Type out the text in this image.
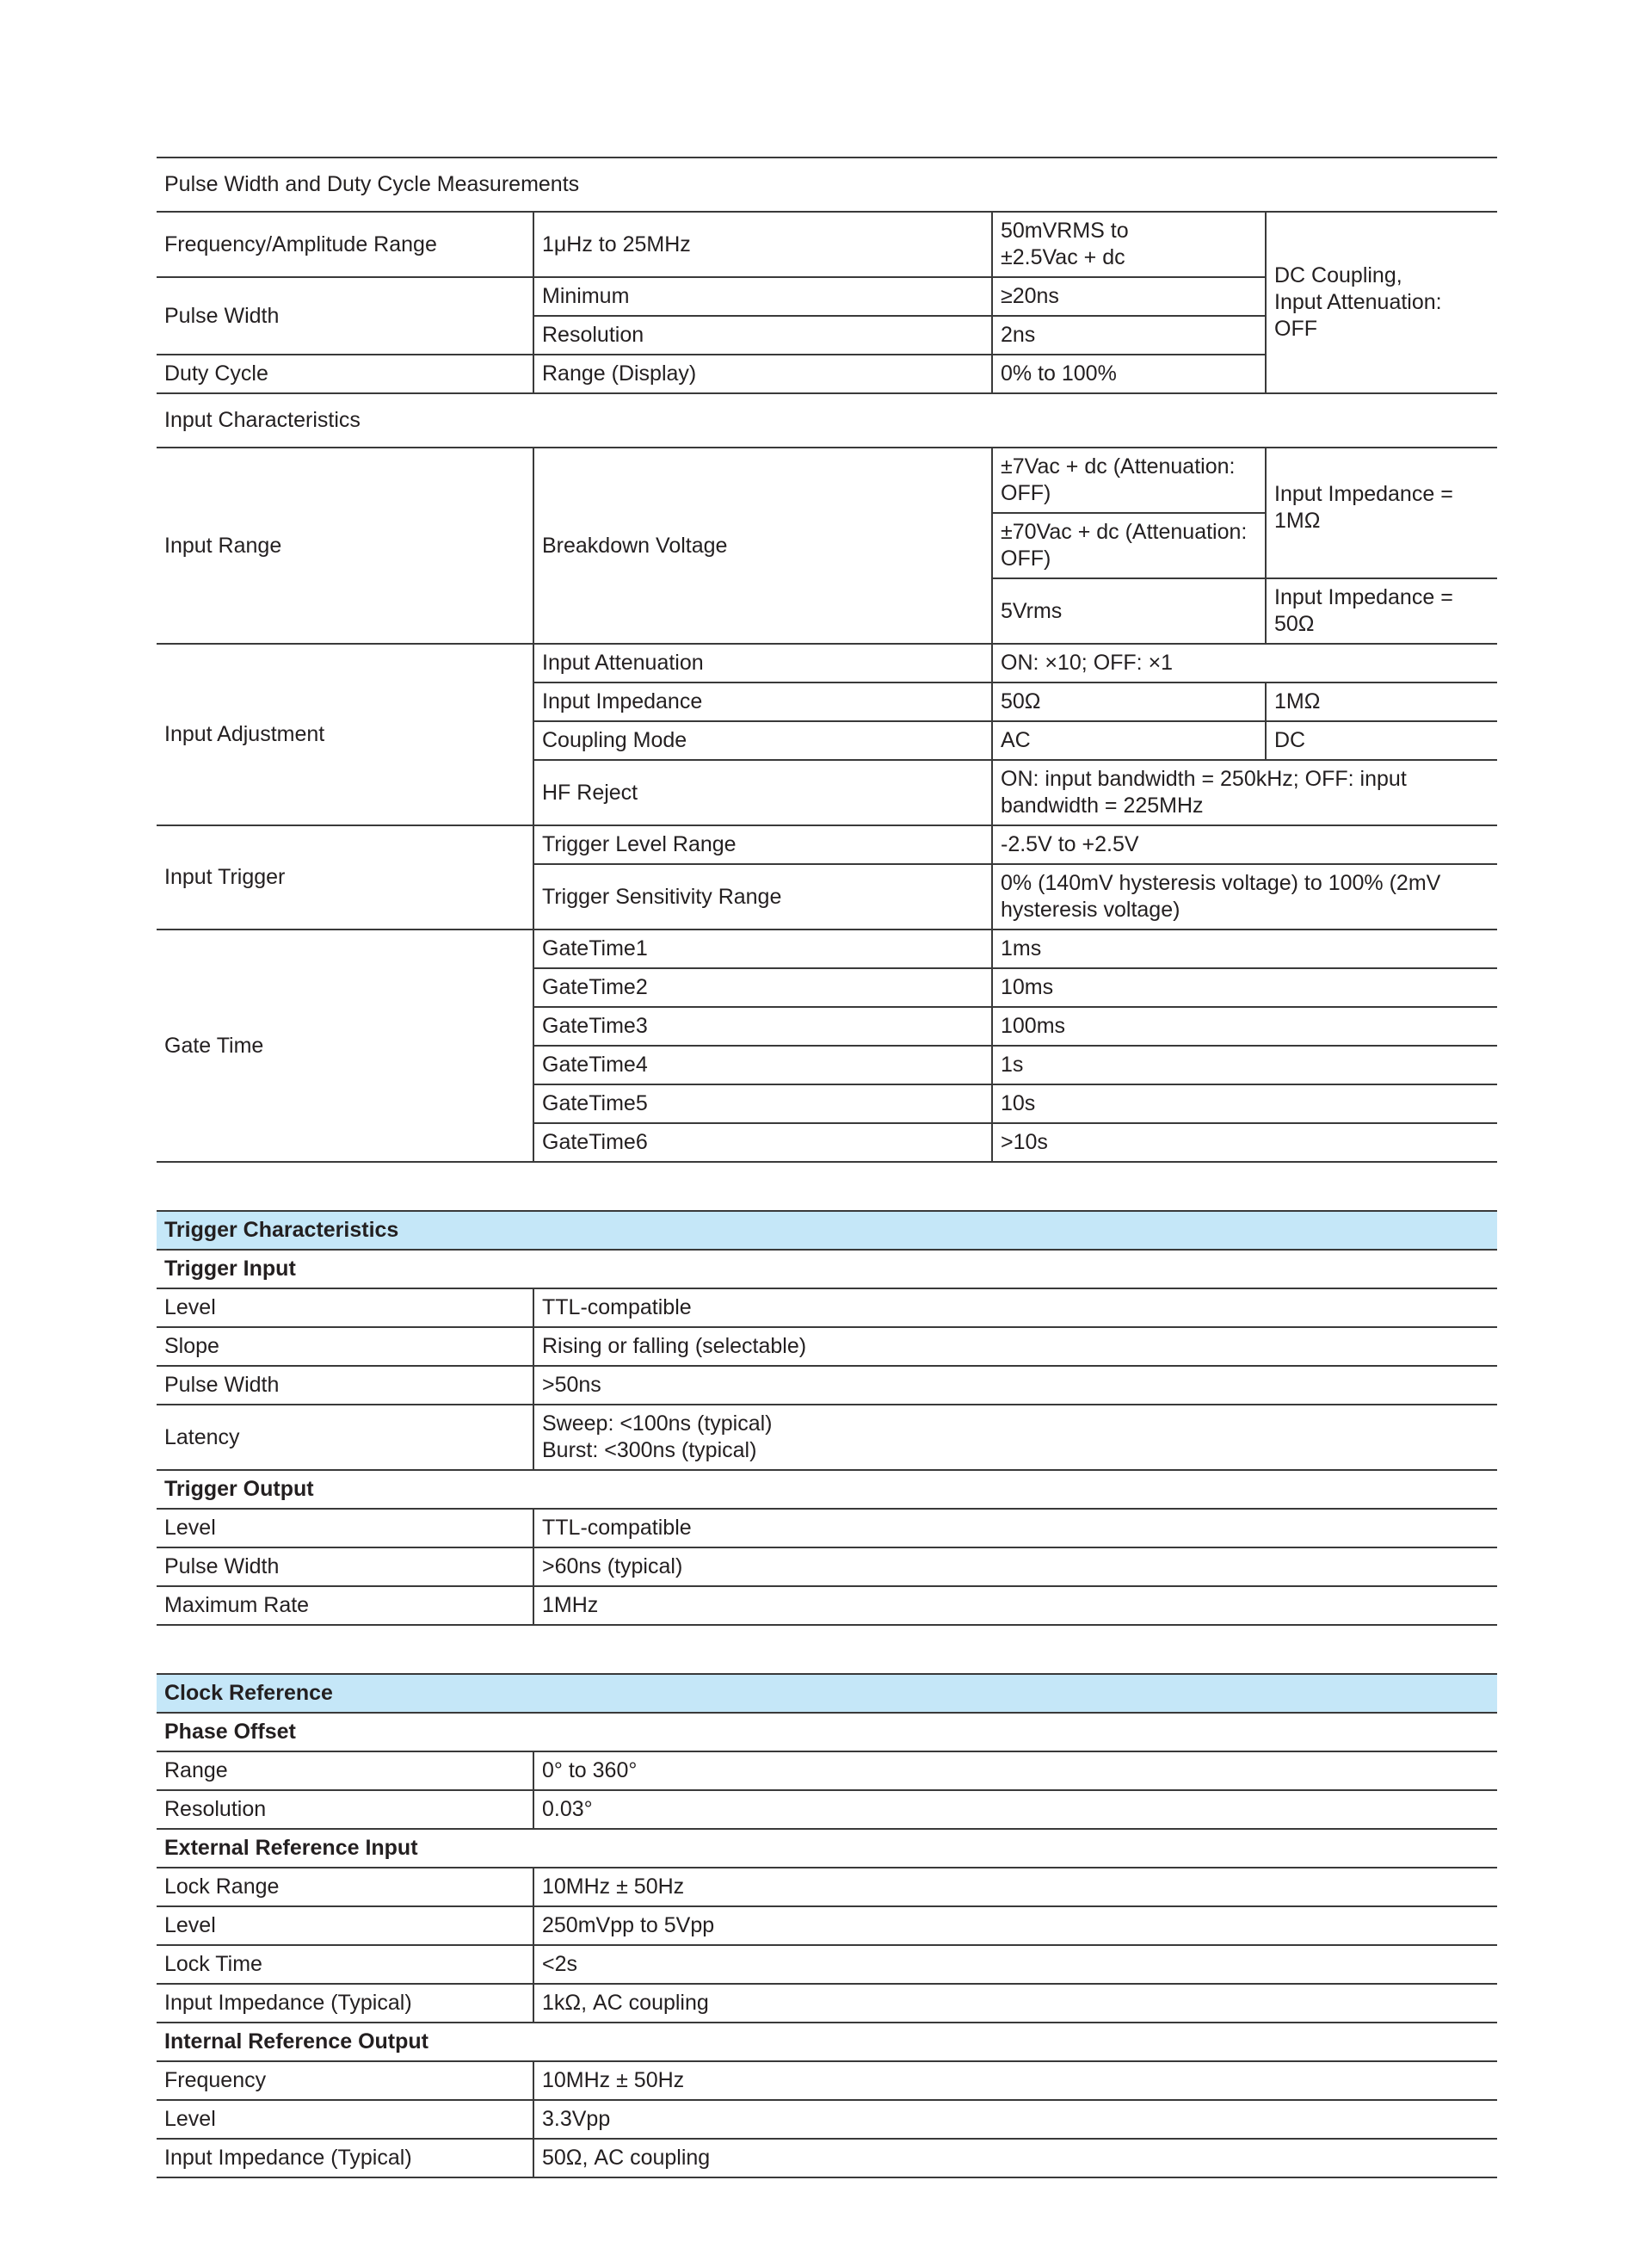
Pulse Width and Duty Cycle Measurements			
Frequency/Amplitude Range	1μHz to 25MHz	50mVRMS to
±2.5Vac + dc	DC Coupling,
Input Attenuation:
OFF
Pulse Width	Minimum	≥20ns	
	Resolution	2ns	
Duty Cycle	Range (Display)	0% to 100%	
Input Characteristics			
Input Range	Breakdown Voltage	±7Vac + dc (Attenuation:
OFF)	Input Impedance =
1MΩ
		±70Vac + dc (Attenuation:
OFF)	
		5Vrms	Input Impedance =
50Ω
Input Adjustment	Input Attenuation	ON: ×10; OFF: ×1	
	Input Impedance	50Ω	1MΩ
	Coupling Mode	AC	DC
	HF Reject	ON: input bandwidth = 250kHz; OFF: input
bandwidth = 225MHz	
Input Trigger	Trigger Level Range	-2.5V to +2.5V	
	Trigger Sensitivity Range	0% (140mV hysteresis voltage) to 100% (2mV
hysteresis voltage)	
Gate Time	GateTime1	1ms	
	GateTime2	10ms	
	GateTime3	100ms	
	GateTime4	1s	
	GateTime5	10s	
	GateTime6	>10s	
Trigger Characteristics	
Trigger Input	
Level	TTL-compatible
Slope	Rising or falling (selectable)
Pulse Width	>50ns
Latency	Sweep: <100ns (typical)
Burst: <300ns (typical)
Trigger Output	
Level	TTL-compatible
Pulse Width	>60ns (typical)
Maximum Rate	1MHz
Clock Reference	
Phase Offset	
Range	0° to 360°
Resolution	0.03°
External Reference Input	
Lock Range	10MHz ± 50Hz
Level	250mVpp to 5Vpp
Lock Time	<2s
Input Impedance (Typical)	1kΩ, AC coupling
Internal Reference Output	
Frequency	10MHz ± 50Hz
Level	3.3Vpp
Input Impedance (Typical)	50Ω, AC coupling
